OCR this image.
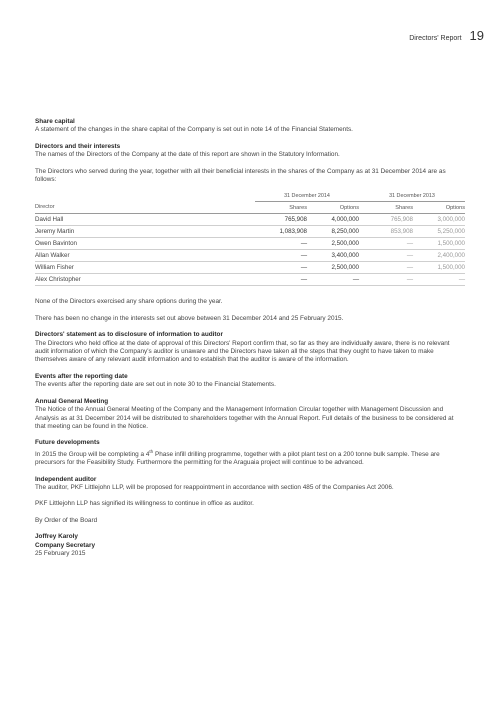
Directors' Report 19

Share capital

A statement of the changes in the share capital of the Company is set out in note 14 of the Financial Statements.

Directors and their interests

The names of the Directors of the Company at the date of this report are shown in the Statutory Information.

The Directors who served during the year, together with all their beneficial interests in the shares of the Company as at 31 December 2014 are as follows:

	31 December 2014		31 December 2013	
Director	Shares	Options	Shares	Options
David Hall	765,908	4,000,000	765,908	3,000,000
Jeremy Martin	1,083,908	8,250,000	853,908	5,250,000
Owen Bavinton	—	2,500,000	—	1,500,000
Allan Walker	—	3,400,000	—	2,400,000
William Fisher	—	2,500,000	—	1,500,000
Alex Christopher	—	—	—	—

None of the Directors exercised any share options during the year.

There has been no change in the interests set out above between 31 December 2014 and 25 February 2015.

Directors' statement as to disclosure of information to auditor

The Directors who held office at the date of approval of this Directors' Report confirm that, so far as they are individually aware, there is no relevant audit information of which the Company's auditor is unaware and the Directors have taken all the steps that they ought to have taken to make themselves aware of any relevant audit information and to establish that the auditor is aware of the information.

Events after the reporting date

The events after the reporting date are set out in note 30 to the Financial Statements.

Annual General Meeting

The Notice of the Annual General Meeting of the Company and the Management Information Circular together with Management Discussion and Analysis as at 31 December 2014 will be distributed to shareholders together with the Annual Report. Full details of the business to be considered at that meeting can be found in the Notice.

Future developments

In 2015 the Group will be completing a 4th Phase infill drilling programme, together with a pilot plant test on a 200 tonne bulk sample. These are precursors for the Feasibility Study. Furthermore the permitting for the Araguaia project will continue to be advanced.

Independent auditor

The auditor, PKF Littlejohn LLP, will be proposed for reappointment in accordance with section 485 of the Companies Act 2006.

PKF Littlejohn LLP has signified its willingness to continue in office as auditor.

By Order of the Board

Joffrey Karoly

Company Secretary

25 February 2015
